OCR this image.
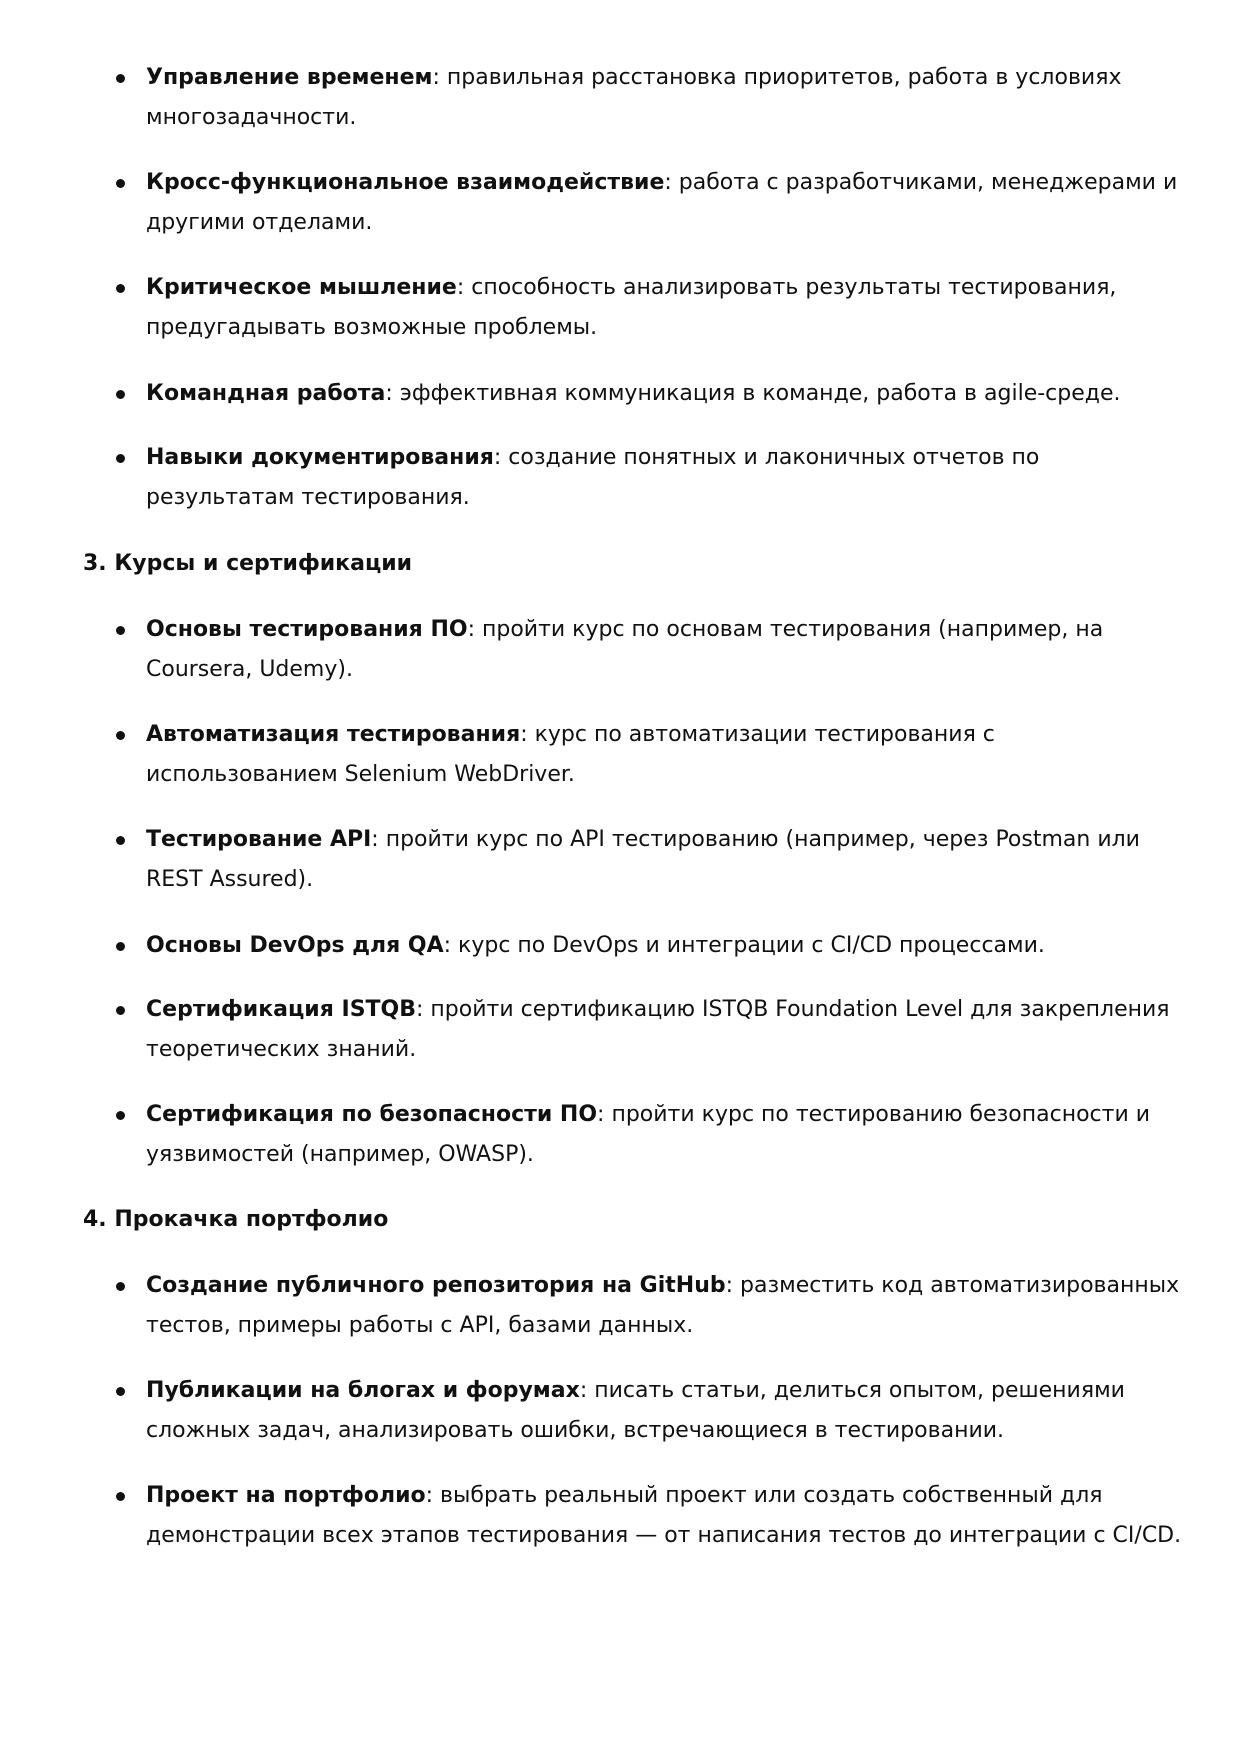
Управление временем: правильная расстановка приоритетов, работа в условиях многозадачности.
Кросс-функциональное взаимодействие: работа с разработчиками, менеджерами и другими отделами.
Критическое мышление: способность анализировать результаты тестирования, предугадывать возможные проблемы.
Командная работа: эффективная коммуникация в команде, работа в agile-среде.
Навыки документирования: создание понятных и лаконичных отчетов по результатам тестирования.
3. Курсы и сертификации
Основы тестирования ПО: пройти курс по основам тестирования (например, на Coursera, Udemy).
Автоматизация тестирования: курс по автоматизации тестирования с использованием Selenium WebDriver.
Тестирование API: пройти курс по API тестированию (например, через Postman или REST Assured).
Основы DevOps для QA: курс по DevOps и интеграции с CI/CD процессами.
Сертификация ISTQB: пройти сертификацию ISTQB Foundation Level для закрепления теоретических знаний.
Сертификация по безопасности ПО: пройти курс по тестированию безопасности и уязвимостей (например, OWASP).
4. Прокачка портфолио
Создание публичного репозитория на GitHub: разместить код автоматизированных тестов, примеры работы с API, базами данных.
Публикации на блогах и форумах: писать статьи, делиться опытом, решениями сложных задач, анализировать ошибки, встречающиеся в тестировании.
Проект на портфолио: выбрать реальный проект или создать собственный для демонстрации всех этапов тестирования — от написания тестов до интеграции с CI/CD.
